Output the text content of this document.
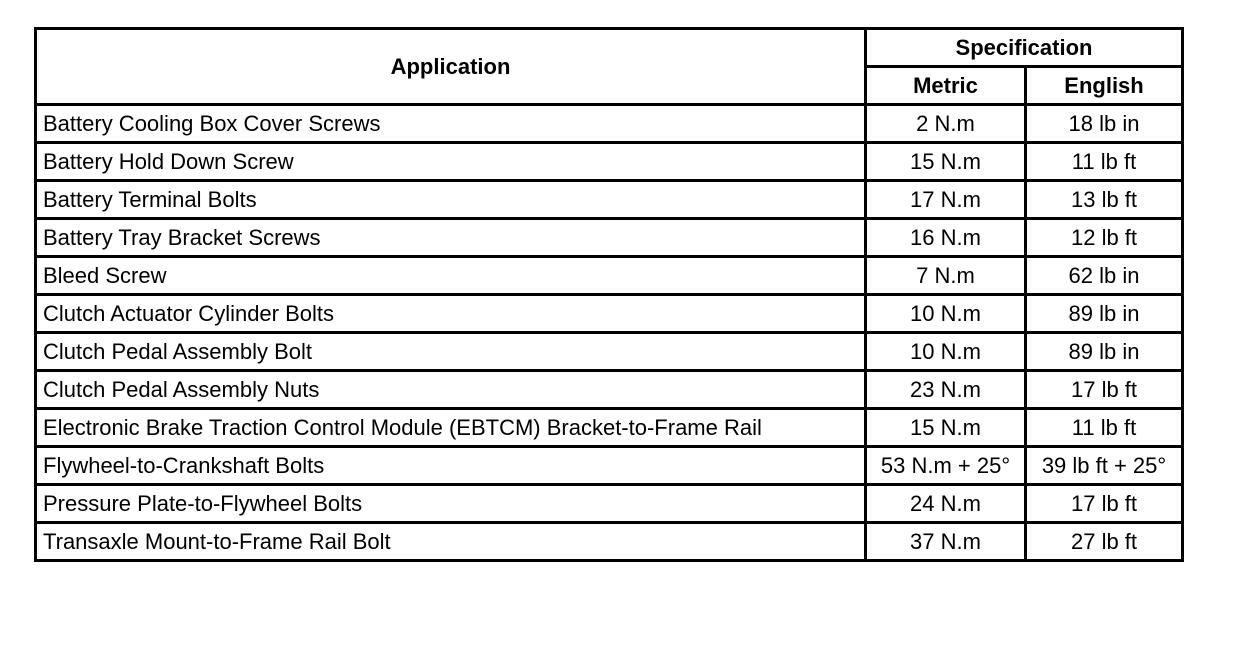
Application	Specification	
	Metric	English
Battery Cooling Box Cover Screws	2 N.m	18 lb in
Battery Hold Down Screw	15 N.m	11 lb ft
Battery Terminal Bolts	17 N.m	13 lb ft
Battery Tray Bracket Screws	16 N.m	12 lb ft
Bleed Screw	7 N.m	62 lb in
Clutch Actuator Cylinder Bolts	10 N.m	89 lb in
Clutch Pedal Assembly Bolt	10 N.m	89 lb in
Clutch Pedal Assembly Nuts	23 N.m	17 lb ft
Electronic Brake Traction Control Module (EBTCM) Bracket-to-Frame Rail	15 N.m	11 lb ft
Flywheel-to-Crankshaft Bolts	53 N.m + 25°	39 lb ft + 25°
Pressure Plate-to-Flywheel Bolts	24 N.m	17 lb ft
Transaxle Mount-to-Frame Rail Bolt	37 N.m	27 lb ft
